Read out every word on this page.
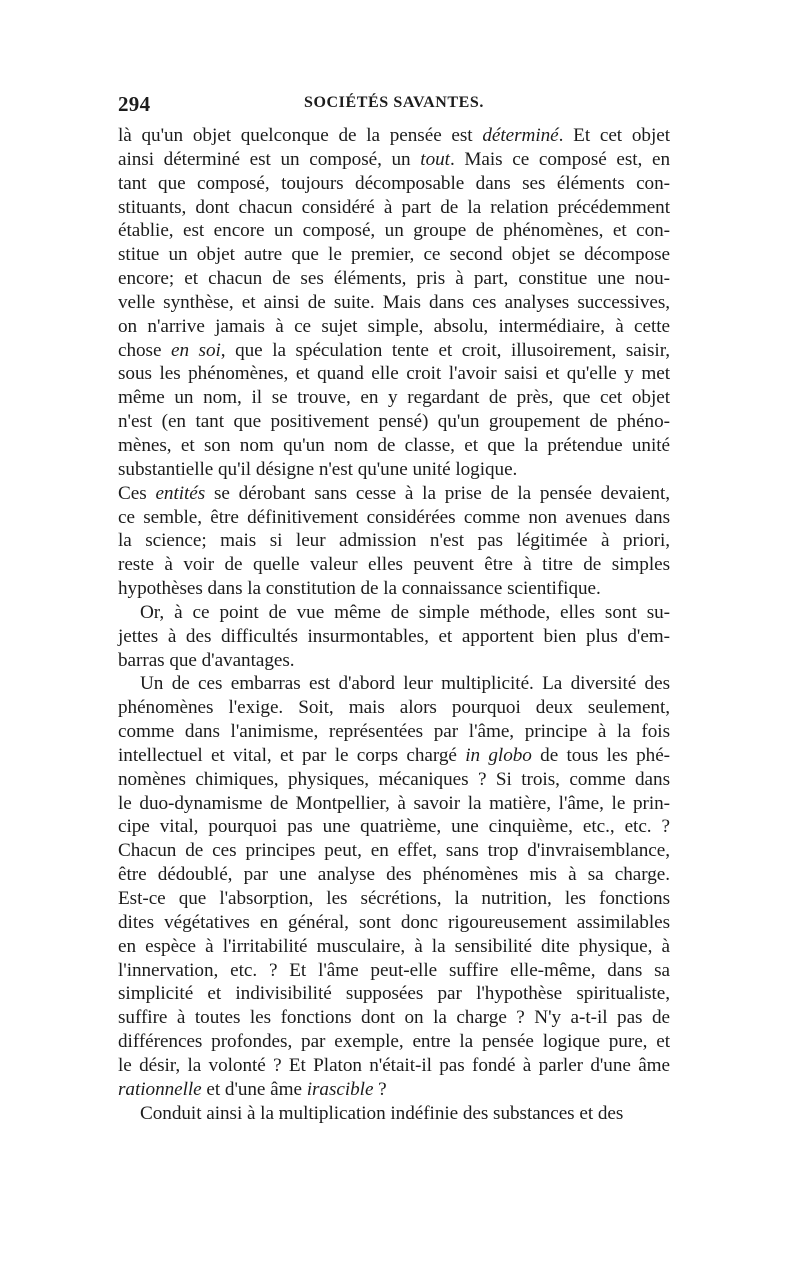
294	SOCIÉTÉS SAVANTES.

là qu'un objet quelconque de la pensée est déterminé. Et cet objet
ainsi déterminé est un composé, un tout. Mais ce composé est, en
tant que composé, toujours décomposable dans ses éléments con-
stituants, dont chacun considéré à part de la relation précédemment
établie, est encore un composé, un groupe de phénomènes, et con-
stitue un objet autre que le premier, ce second objet se décompose
encore; et chacun de ses éléments, pris à part, constitue une nou-
velle synthèse, et ainsi de suite. Mais dans ces analyses successives,
on n'arrive jamais à ce sujet simple, absolu, intermédiaire, à cette
chose en soi, que la spéculation tente et croit, illusoirement, saisir,
sous les phénomènes, et quand elle croit l'avoir saisi et qu'elle y met
même un nom, il se trouve, en y regardant de près, que cet objet
n'est (en tant que positivement pensé) qu'un groupement de phéno-
mènes, et son nom qu'un nom de classe, et que la prétendue unité
substantielle qu'il désigne n'est qu'une unité logique.

Ces entités se dérobant sans cesse à la prise de la pensée devaient,
ce semble, être définitivement considérées comme non avenues dans
la science; mais si leur admission n'est pas légitimée à priori,
reste à voir de quelle valeur elles peuvent être à titre de simples
hypothèses dans la constitution de la connaissance scientifique.

Or, à ce point de vue même de simple méthode, elles sont su-
jettes à des difficultés insurmontables, et apportent bien plus d'em-
barras que d'avantages.

Un de ces embarras est d'abord leur multiplicité. La diversité des
phénomènes l'exige. Soit, mais alors pourquoi deux seulement,
comme dans l'animisme, représentées par l'âme, principe à la fois
intellectuel et vital, et par le corps chargé in globo de tous les phé-
nomènes chimiques, physiques, mécaniques ? Si trois, comme dans
le duo-dynamisme de Montpellier, à savoir la matière, l'âme, le prin-
cipe vital, pourquoi pas une quatrième, une cinquième, etc., etc. ?
Chacun de ces principes peut, en effet, sans trop d'invraisemblance,
être dédoublé, par une analyse des phénomènes mis à sa charge.
Est-ce que l'absorption, les sécrétions, la nutrition, les fonctions
dites végétatives en général, sont donc rigoureusement assimilables
en espèce à l'irritabilité musculaire, à la sensibilité dite physique, à
l'innervation, etc. ? Et l'âme peut-elle suffire elle-même, dans sa
simplicité et indivisibilité supposées par l'hypothèse spiritualiste,
suffire à toutes les fonctions dont on la charge ? N'y a-t-il pas de
différences profondes, par exemple, entre la pensée logique pure, et
le désir, la volonté ? Et Platon n'était-il pas fondé à parler d'une âme
rationnelle et d'une âme irascible ?

Conduit ainsi à la multiplication indéfinie des substances et des
